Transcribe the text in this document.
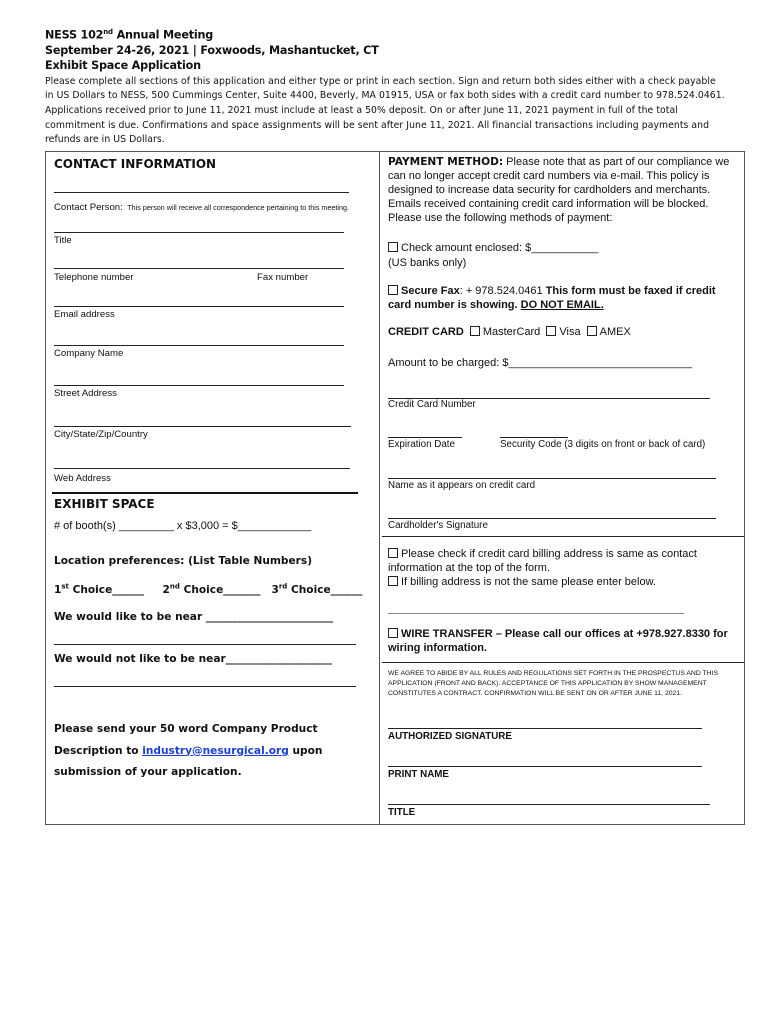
NESS 102nd Annual Meeting
September 24-26, 2021 | Foxwoods, Mashantucket, CT
Exhibit Space Application
Please complete all sections of this application and either type or print in each section. Sign and return both sides either with a check payable in US Dollars to NESS, 500 Cummings Center, Suite 4400, Beverly, MA 01915, USA or fax both sides with a credit card number to 978.524.0461. Applications received prior to June 11, 2021 must include at least a 50% deposit. On or after June 11, 2021 payment in full of the total commitment is due. Confirmations and space assignments will be sent after June 11, 2021. All financial transactions including payments and refunds are in US Dollars.
CONTACT INFORMATION
Contact Person: This person will receive all correspondence pertaining to this meeting.
Title
Telephone number	Fax number
Email address
Company Name
Street Address
City/State/Zip/Country
Web Address
EXHIBIT SPACE
# of booth(s) _________ x $3,000 = $____________
Location preferences: (List Table Numbers)
1st Choice______ 2nd Choice_______ 3rd Choice______
We would like to be near ________________________
We would not like to be near____________________
Please send your 50 word Company Product
Description to industry@nesurgical.org upon
submission of your application.
PAYMENT METHOD: Please note that as part of our compliance we can no longer accept credit card numbers via e-mail. This policy is designed to increase data security for cardholders and merchants. Emails received containing credit card information will be blocked. Please use the following methods of payment:
Check amount enclosed: $___________
(US banks only)
Secure Fax: + 978.524.0461 This form must be faxed if credit card number is showing. DO NOT EMAIL.
CREDIT CARD MasterCard Visa AMEX
Amount to be charged: $______________________________
Credit Card Number
Expiration Date	Security Code (3 digits on front or back of card)
Name as it appears on credit card
Cardholder's Signature
Please check if credit card billing address is same as contact information at the top of the form.
If billing address is not the same please enter below.
WIRE TRANSFER – Please call our offices at +978.927.8330 for wiring information.
WE AGREE TO ABIDE BY ALL RULES AND REGULATIONS SET FORTH IN THE PROSPECTUS AND THIS APPLICATION (FRONT AND BACK). ACCEPTANCE OF THIS APPLICATION BY SHOW MANAGEMENT CONSTITUTES A CONTRACT. CONFIRMATION WILL BE SENT ON OR AFTER JUNE 11, 2021.
AUTHORIZED SIGNATURE
PRINT NAME
TITLE
